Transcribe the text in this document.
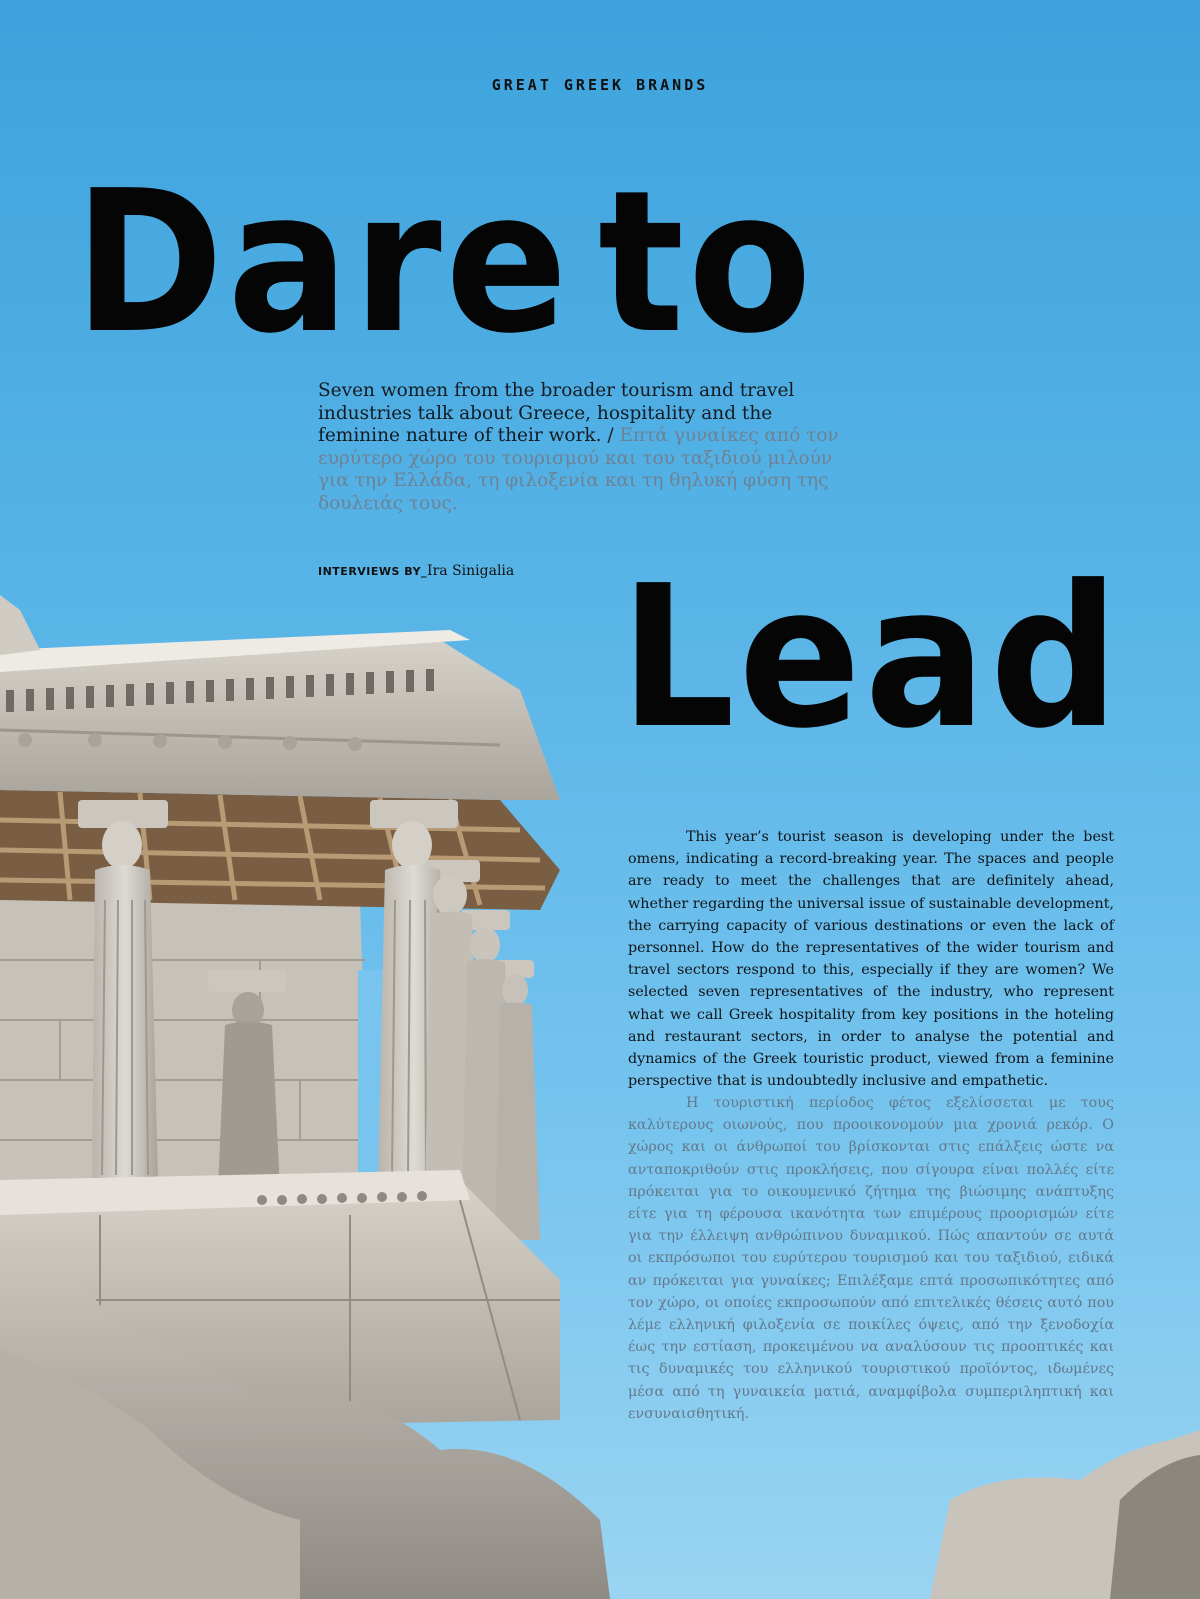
GREAT GREEK BRANDS
Dare to
Lead
Seven women from the broader tourism and travel industries talk about Greece, hospitality and the feminine nature of their work. / Επτά γυναίκες από τον ευρύτερο χώρο του τουρισμού και του ταξιδιού μιλούν για την Ελλάδα, τη φιλοξενία και τη θηλυκή φύση της δουλειάς τους.
INTERVIEWS BY_Ira Sinigalia

This year’s tourist season is developing under the best omens, indicating a record-breaking year. The spaces and people are ready to meet the challenges that are definitely ahead, whether regarding the universal issue of sustainable development, the carrying capacity of various destinations or even the lack of personnel. How do the representatives of the wider tourism and travel sectors respond to this, especially if they are women? We selected seven representatives of the industry, who represent what we call Greek hospitality from key positions in the hoteling and restaurant sectors, in order to analyse the potential and dynamics of the Greek touristic product, viewed from a feminine perspective that is undoubtedly inclusive and empathetic.

Η τουριστική περίοδος φέτος εξελίσσεται με τους καλύτερους οιωνούς, που προοικονομούν μια χρονιά ρεκόρ. Ο χώρος και οι άνθρωποί του βρίσκονται στις επάλξεις ώστε να ανταποκριθούν στις προκλήσεις, που σίγουρα είναι πολλές είτε πρόκειται για το οικουμενικό ζήτημα της βιώσιμης ανάπτυξης είτε για τη φέρουσα ικανότητα των επιμέρους προορισμών είτε για την έλλειψη ανθρώπινου δυναμικού. Πώς απαντούν σε αυτά οι εκπρόσωποι του ευρύτερου τουρισμού και του ταξιδιού, ειδικά αν πρόκειται για γυναίκες; Επιλέξαμε επτά προσωπικότητες από τον χώρο, οι οποίες εκπροσωπούν από επιτελικές θέσεις αυτό που λέμε ελληνική φιλοξενία σε ποικίλες όψεις, από την ξενοδοχία έως την εστίαση, προκειμένου να αναλύσουν τις προοπτικές και τις δυναμικές του ελληνικού τουριστικού προϊόντος, ιδωμένες μέσα από τη γυναικεία ματιά, αναμφίβολα συμπεριληπτική και ενσυναισθητική.
